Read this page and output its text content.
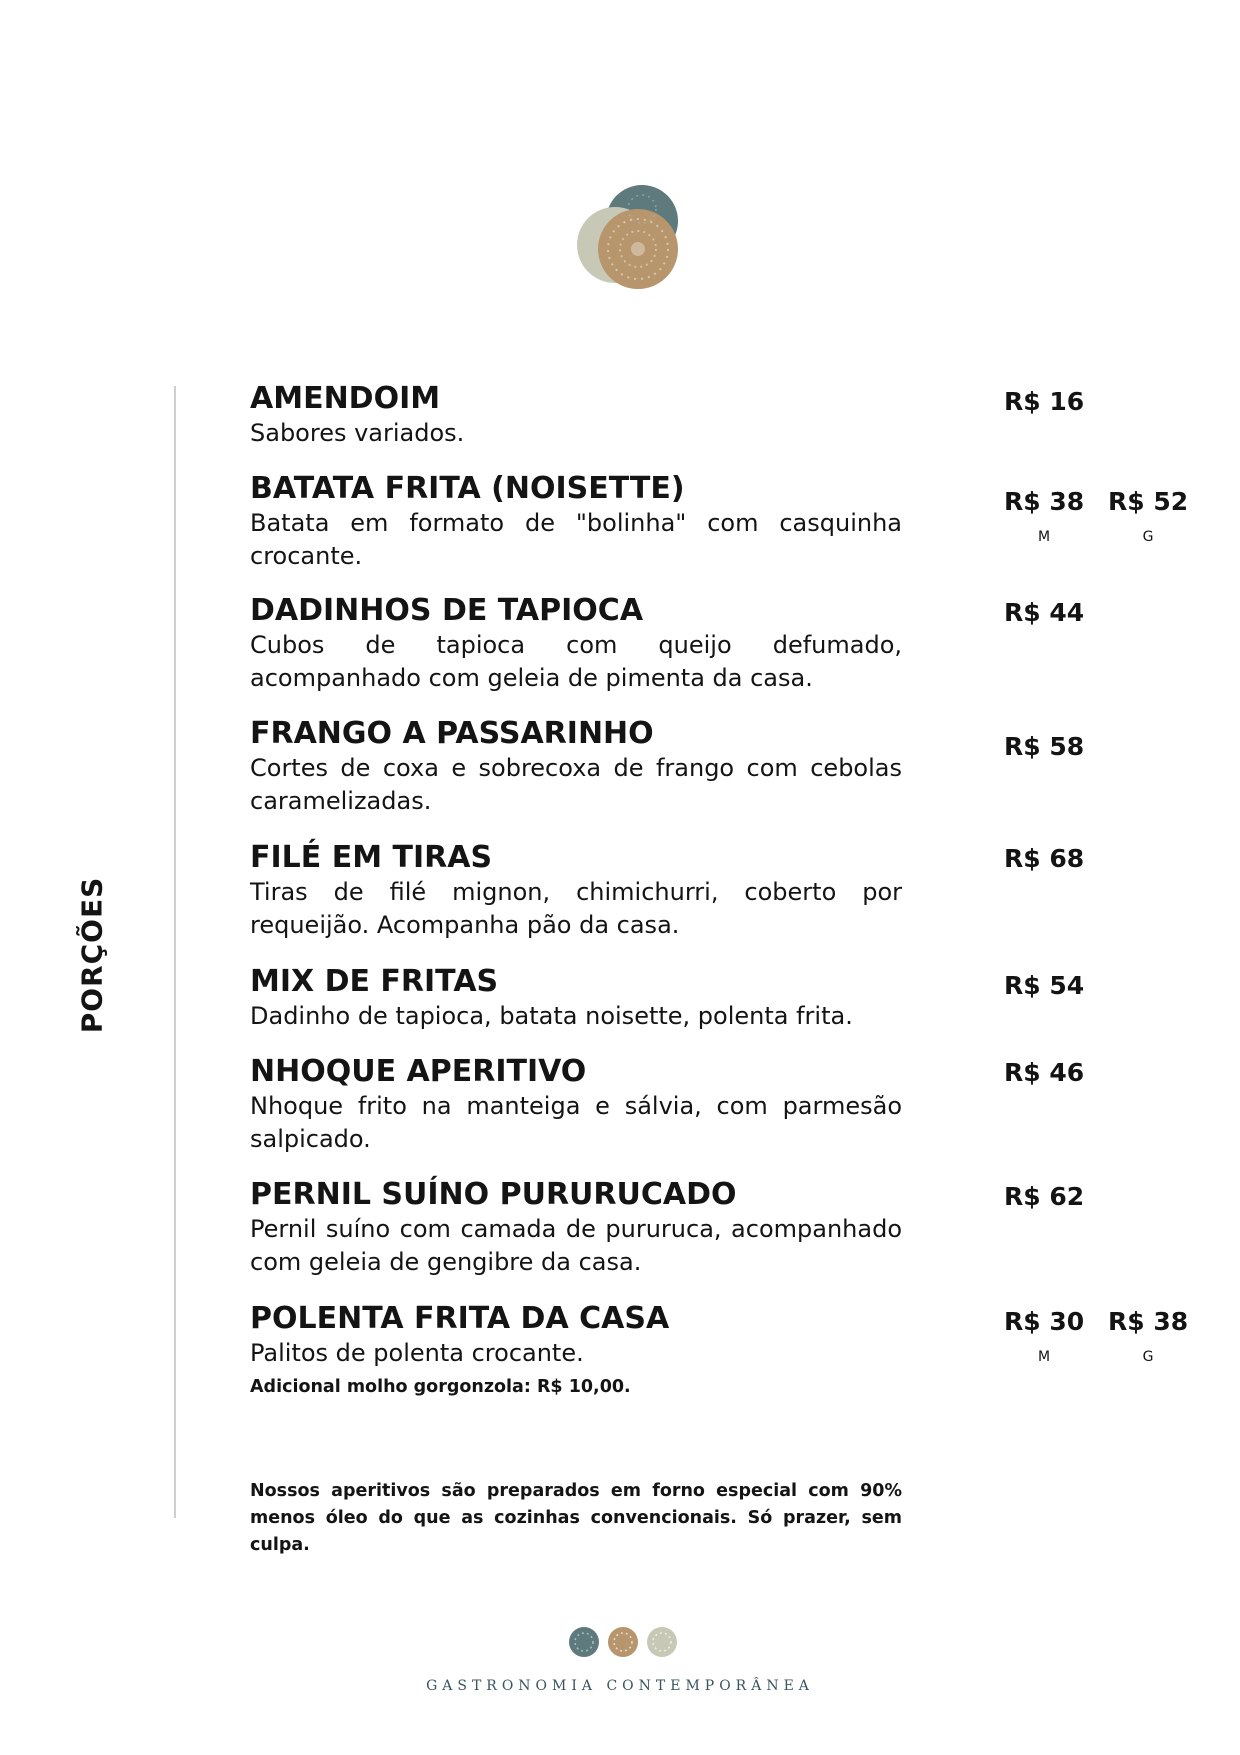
PORÇÕES
AMENDOIM

Sabores variados.

BATATA FRITA (NOISETTE)

Batata em formato de "bolinha" com casquinha crocante.

DADINHOS DE TAPIOCA

Cubos de tapioca com queijo defumado, acompanhado com geleia de pimenta da casa.

FRANGO A PASSARINHO

Cortes de coxa e sobrecoxa de frango com cebolas caramelizadas.

FILÉ EM TIRAS

Tiras de filé mignon, chimichurri, coberto por requeijão. Acompanha pão da casa.

MIX DE FRITAS

Dadinho de tapioca, batata noisette, polenta frita.

NHOQUE APERITIVO

Nhoque frito na manteiga e sálvia, com parmesão salpicado.

PERNIL SUÍNO PURURUCADO

Pernil suíno com camada de pururuca, acompanhado com geleia de gengibre da casa.

POLENTA FRITA DA CASA

Palitos de polenta crocante.

Adicional molho gorgonzola: R$ 10,00.
R$ 16
R$ 38
M
R$ 52
G
R$ 44
R$ 58
R$ 68
R$ 54
R$ 46
R$ 62
R$ 30
M
R$ 38
G

Nossos aperitivos são preparados em forno especial com 90% menos óleo do que as cozinhas convencionais. Só prazer, sem culpa.

GASTRONOMIA CONTEMPORÂNEA
